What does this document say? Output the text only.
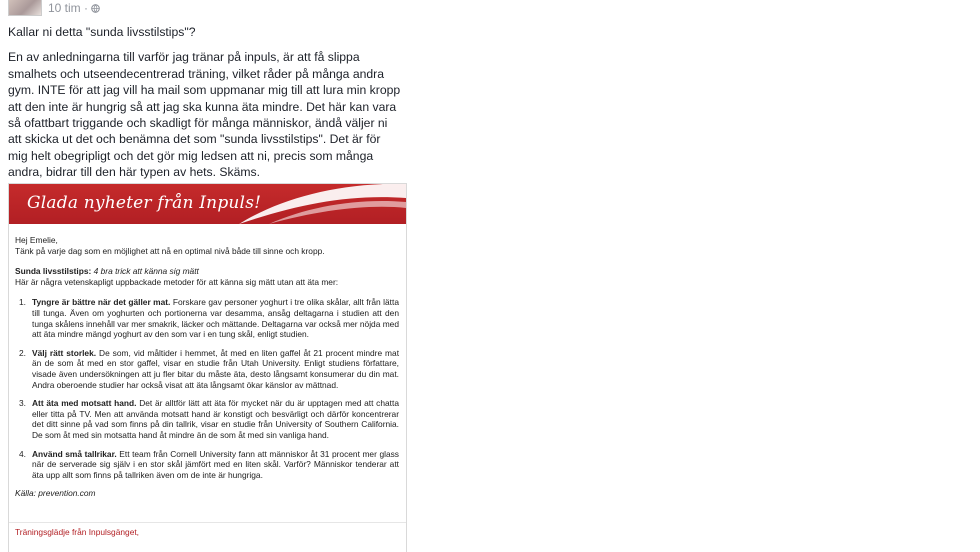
10 tim ·

Kallar ni detta "sunda livsstilstips"?

En av anledningarna till varför jag tränar på inpuls, är att få slippa smalhets och utseendecentrerad träning, vilket råder på många andra gym. INTE för att jag vill ha mail som uppmanar mig till att lura min kropp att den inte är hungrig så att jag ska kunna äta mindre. Det här kan vara så ofattbart triggande och skadligt för många människor, ändå väljer ni att skicka ut det och benämna det som "sunda livsstilstips". Det är för mig helt obegripligt och det gör mig ledsen att ni, precis som många andra, bidrar till den här typen av hets. Skäms.

Glada nyheter från Inpuls!
Hej Emelie,
Tänk på varje dag som en möjlighet att nå en optimal nivå både till sinne och kropp.
Sunda livsstilstips: 4 bra trick att känna sig mätt
Här är några vetenskapligt uppbackade metoder för att känna sig mätt utan att äta mer:
1. Tyngre är bättre när det gäller mat. Forskare gav personer yoghurt i tre olika skålar, allt från lätta till tunga. Även om yoghurten och portionerna var desamma, ansåg deltagarna i studien att den tunga skålens innehåll var mer smakrik, läcker och mättande. Deltagarna var också mer nöjda med att äta mindre mängd yoghurt av den som var i en tung skål, enligt studien.
2. Välj rätt storlek. De som, vid måltider i hemmet, åt med en liten gaffel åt 21 procent mindre mat än de som åt med en stor gaffel, visar en studie från Utah University. Enligt studiens författare, visade även undersökningen att ju fler bitar du måste äta, desto långsamt konsumerar du din mat. Andra oberoende studier har också visat att äta långsamt ökar känslor av mättnad.
3. Att äta med motsatt hand. Det är alltför lätt att äta för mycket när du är upptagen med att chatta eller titta på TV. Men att använda motsatt hand är konstigt och besvärligt och därför koncentrerar det ditt sinne på vad som finns på din tallrik, visar en studie från University of Southern California. De som åt med sin motsatta hand åt mindre än de som åt med sin vanliga hand.
4. Använd små tallrikar. Ett team från Cornell University fann att människor åt 31 procent mer glass när de serverade sig själv i en stor skål jämfört med en liten skål. Varför? Människor tenderar att äta upp allt som finns på tallriken även om de inte är hungriga.
Källa: prevention.com
Träningsglädje från Inpulsgänget,
